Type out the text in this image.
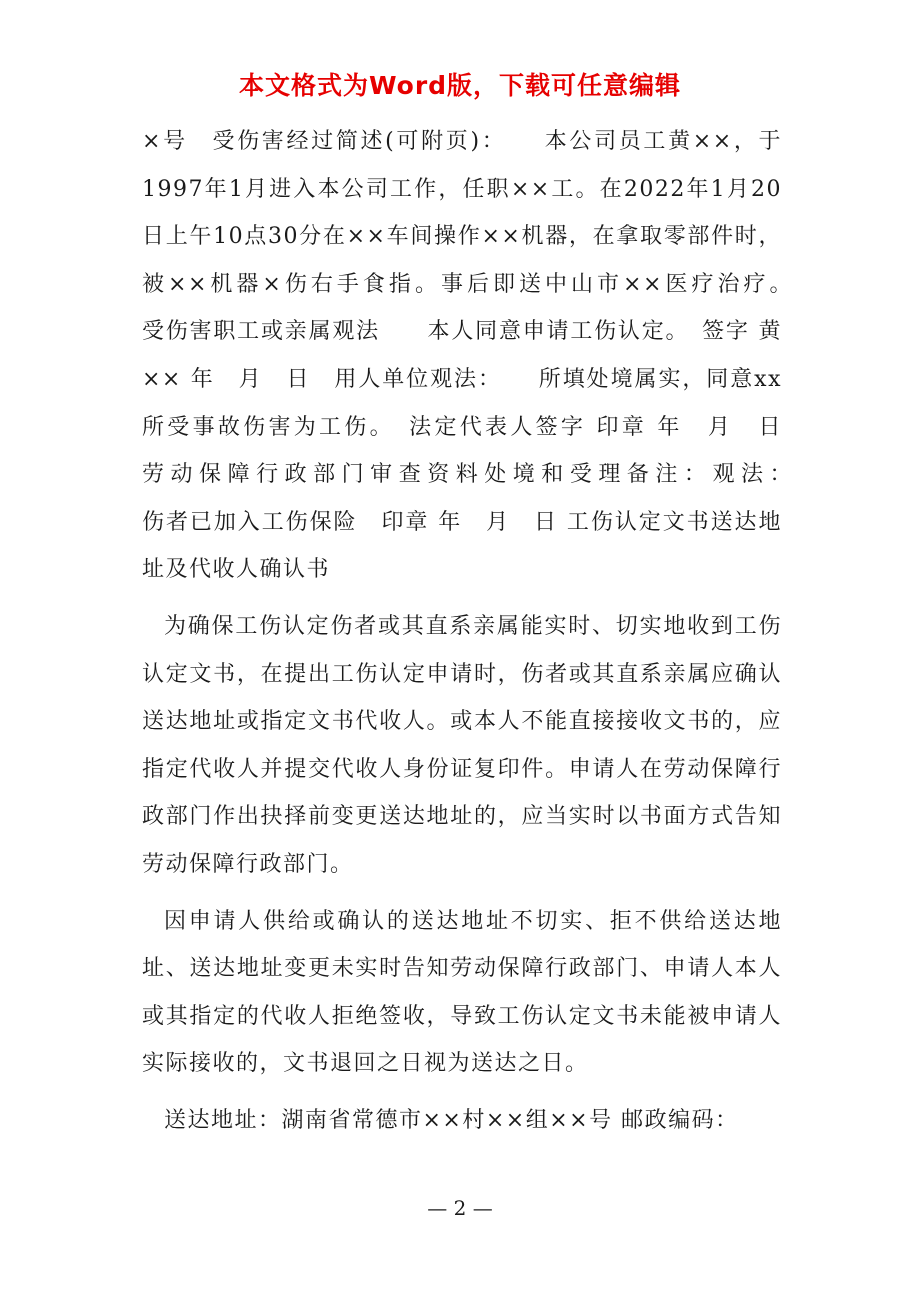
本文格式为Word版，下载可任意编辑

×号　受伤害经过简述(可附页)：　　本公司员工黄××，于1997年1月进入本公司工作，任职××工。在2022年1月20日上午10点30分在××车间操作××机器，在拿取零部件时，被××机器×伤右手食指。事后即送中山市××医疗治疗。　　受伤害职工或亲属观法　　本人同意申请工伤认定。　签字 黄×× 年　月　日　用人单位观法：　　所填处境属实，同意xx所受事故伤害为工伤。　法定代表人签字 印章 年　月　日　劳动保障行政部门审查资料处境和受理备注：观法：　　　　伤者已加入工伤保险　印章 年　月　日 工伤认定文书送达地址及代收人确认书

为确保工伤认定伤者或其直系亲属能实时、切实地收到工伤认定文书，在提出工伤认定申请时，伤者或其直系亲属应确认送达地址或指定文书代收人。或本人不能直接接收文书的，应指定代收人并提交代收人身份证复印件。申请人在劳动保障行政部门作出抉择前变更送达地址的，应当实时以书面方式告知劳动保障行政部门。

因申请人供给或确认的送达地址不切实、拒不供给送达地址、送达地址变更未实时告知劳动保障行政部门、申请人本人或其指定的代收人拒绝签收，导致工伤认定文书未能被申请人实际接收的，文书退回之日视为送达之日。

送达地址：湖南省常德市××村××组××号 邮政编码：

— 2 —
